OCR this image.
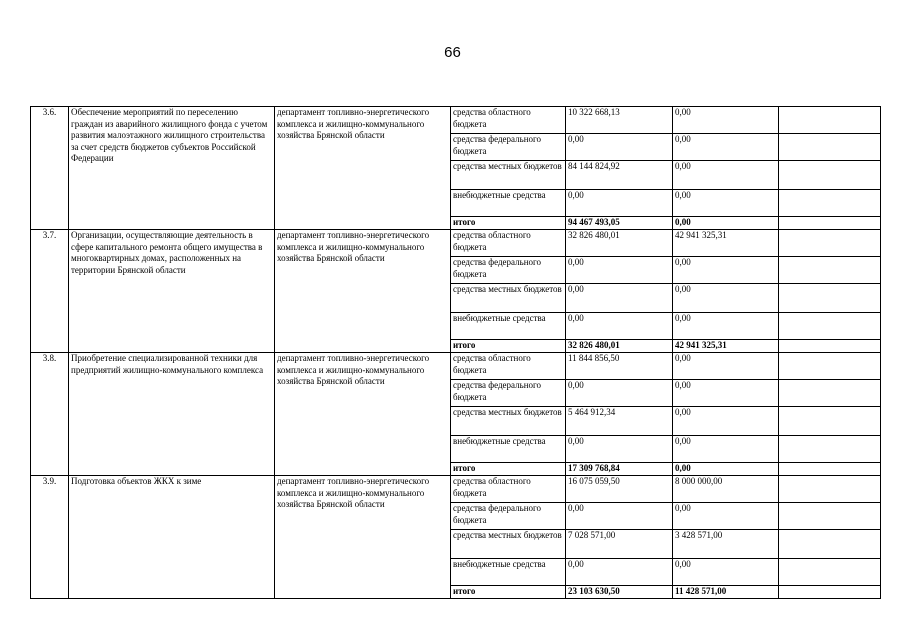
66
3.6.	Обеспечение мероприятий по переселению граждан из аварийного жилищного фонда с учетом развития малоэтажного жилищного строительства за счет средств бюджетов субъектов Российской Федерации	департамент топливно-энергетического комплекса и жилищно-коммунального хозяйства Брянской области	средства областного бюджета	10 322 668,13	0,00	
			средства федерального бюджета	0,00	0,00	
			средства местных бюджетов	84 144 824,92	0,00	
			внебюджетные средства	0,00	0,00	
			итого	94 467 493,05	0,00	
3.7.	Организации, осуществляющие деятельность в сфере капитального ремонта общего имущества в многоквартирных домах, расположенных на территории Брянской области	департамент топливно-энергетического комплекса и жилищно-коммунального хозяйства Брянской области	средства областного бюджета	32 826 480,01	42 941 325,31	
			средства федерального бюджета	0,00	0,00	
			средства местных бюджетов	0,00	0,00	
			внебюджетные средства	0,00	0,00	
			итого	32 826 480,01	42 941 325,31	
3.8.	Приобретение специализированной техники для предприятий жилищно-коммунального комплекса	департамент топливно-энергетического комплекса и жилищно-коммунального хозяйства Брянской области	средства областного бюджета	11 844 856,50	0,00	
			средства федерального бюджета	0,00	0,00	
			средства местных бюджетов	5 464 912,34	0,00	
			внебюджетные средства	0,00	0,00	
			итого	17 309 768,84	0,00	
3.9.	Подготовка объектов ЖКХ к зиме	департамент топливно-энергетического комплекса и жилищно-коммунального хозяйства Брянской области	средства областного бюджета	16 075 059,50	8 000 000,00	
			средства федерального бюджета	0,00	0,00	
			средства местных бюджетов	7 028 571,00	3 428 571,00	
			внебюджетные средства	0,00	0,00	
			итого	23 103 630,50	11 428 571,00	
